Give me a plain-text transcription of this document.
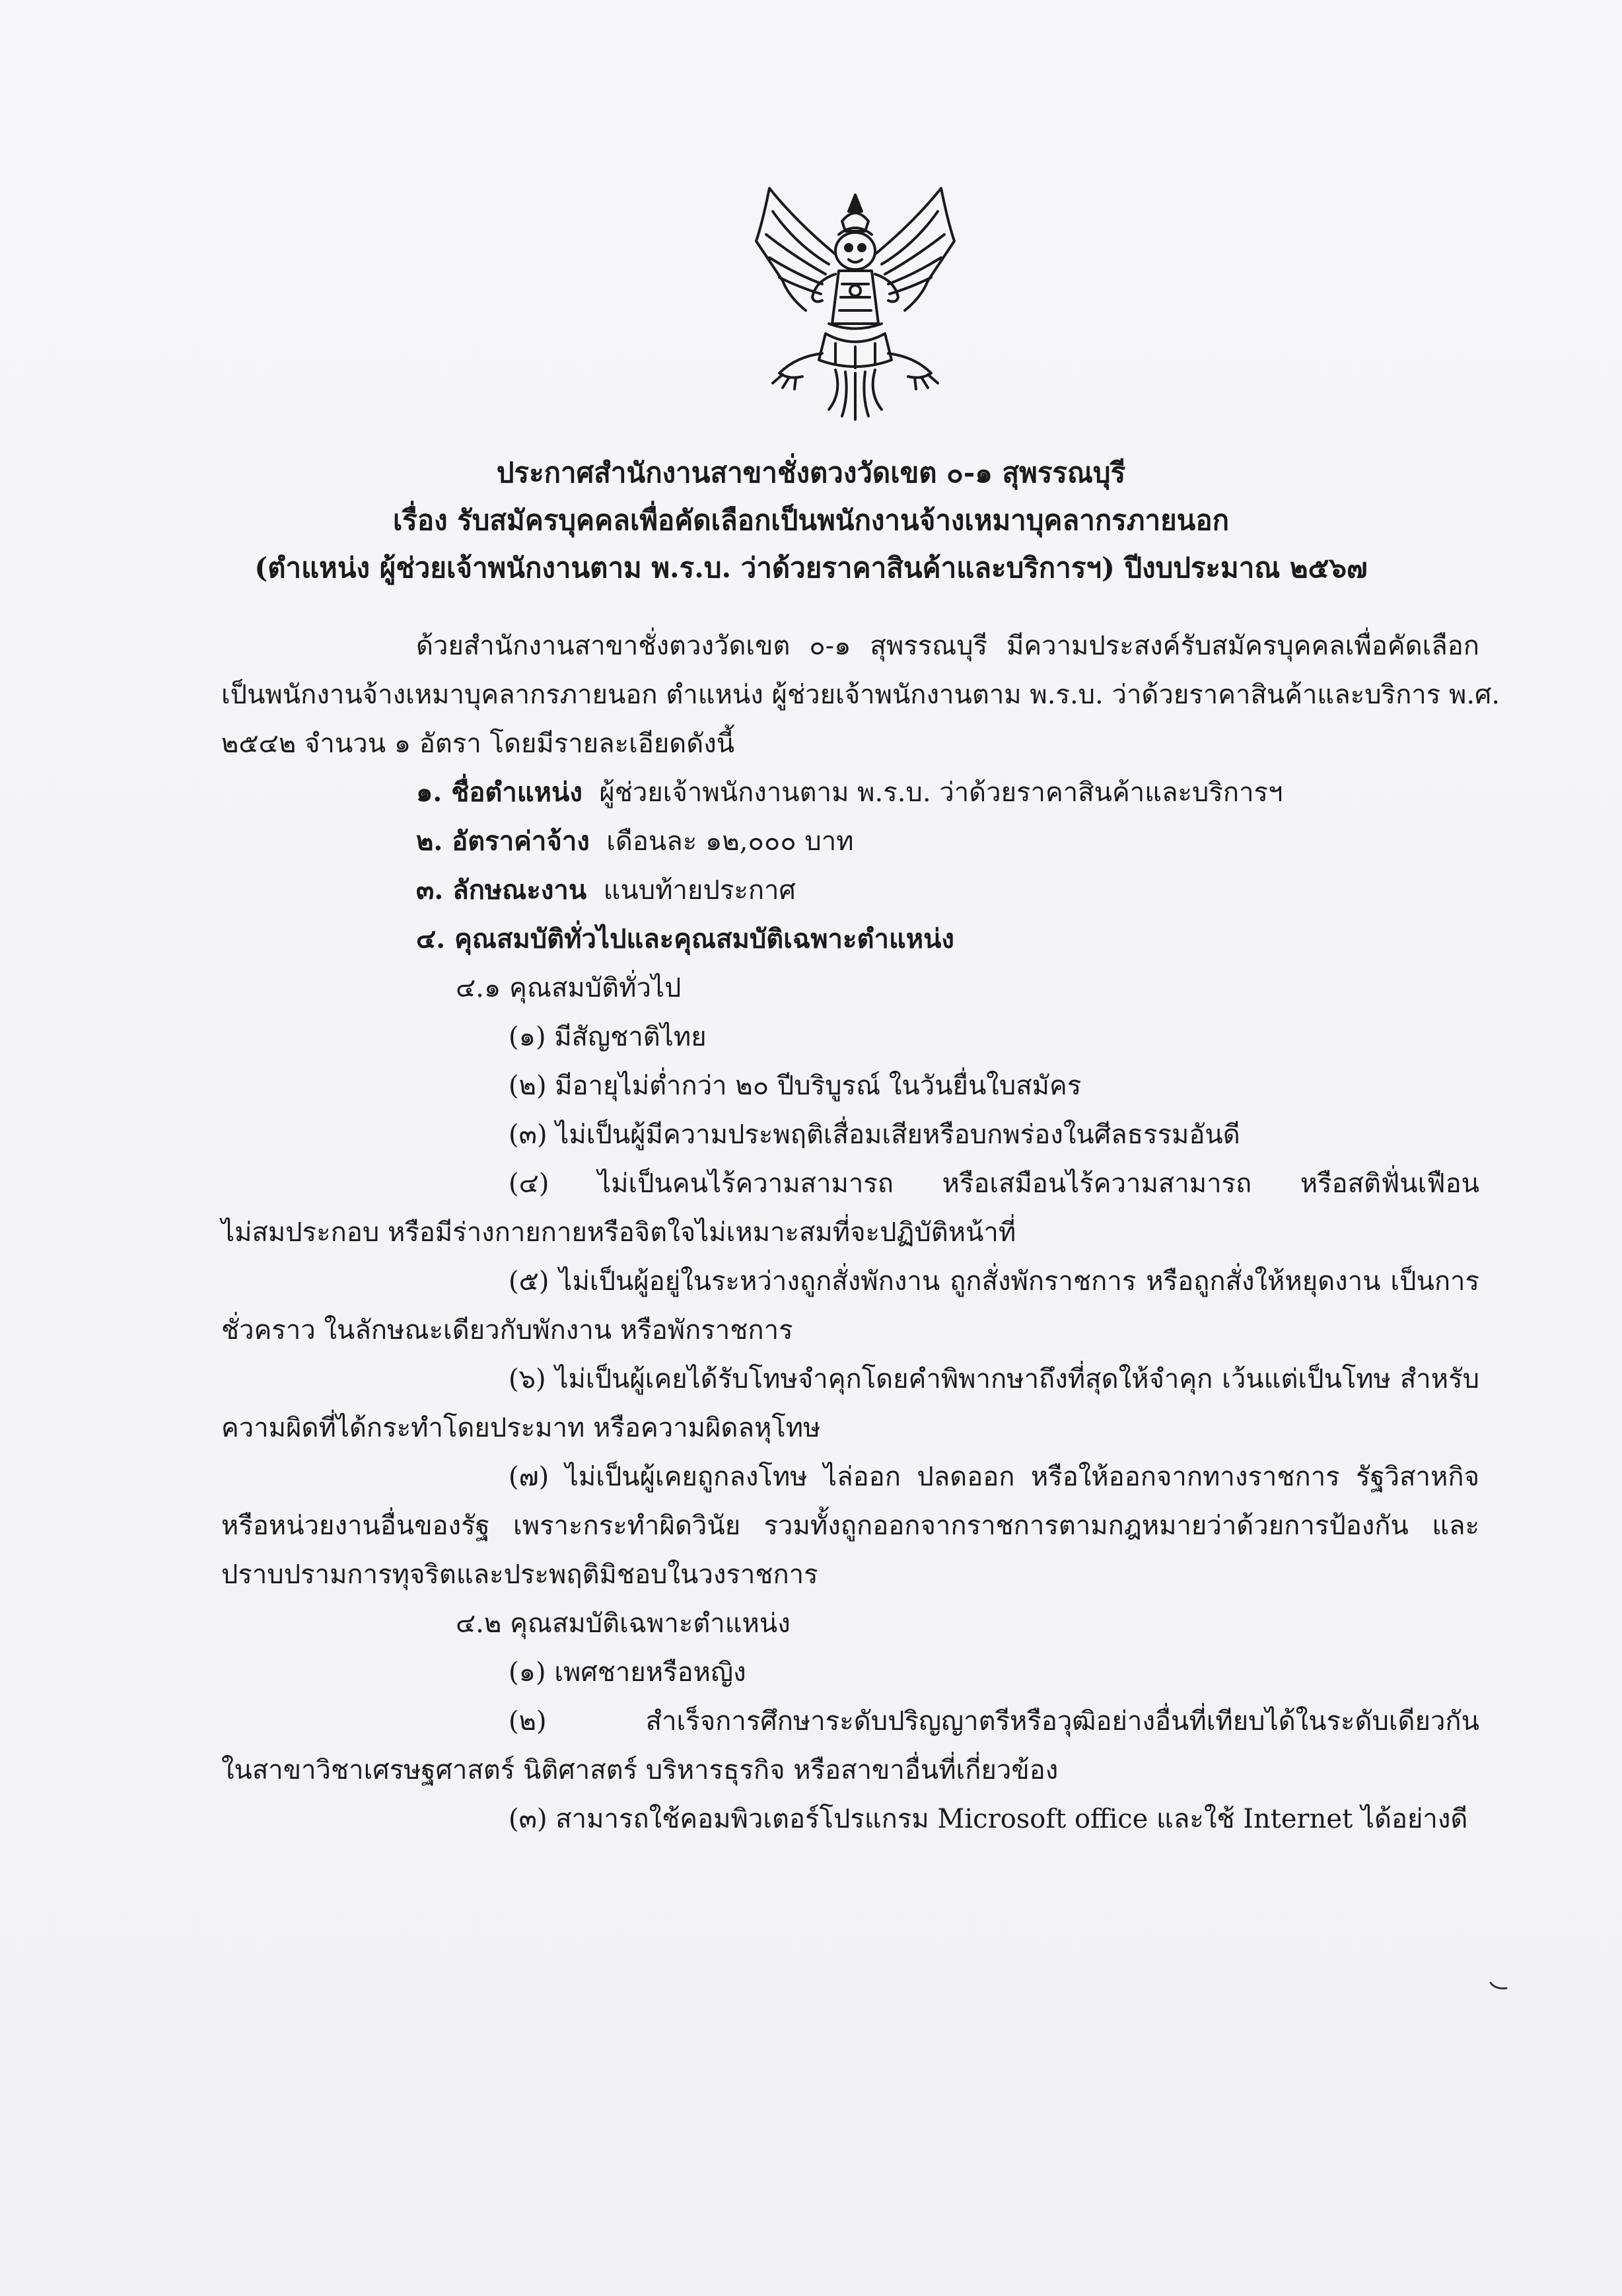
ประกาศสำนักงานสาขาชั่งตวงวัดเขต ๐-๑ สุพรรณบุรี
เรื่อง รับสมัครบุคคลเพื่อคัดเลือกเป็นพนักงานจ้างเหมาบุคลากรภายนอก
(ตำแหน่ง ผู้ช่วยเจ้าพนักงานตาม พ.ร.บ. ว่าด้วยราคาสินค้าและบริการฯ) ปีงบประมาณ ๒๕๖๗
ด้วยสำนักงานสาขาชั่งตวงวัดเขต ๐-๑ สุพรรณบุรี มีความประสงค์รับสมัครบุคคลเพื่อคัดเลือก
เป็นพนักงานจ้างเหมาบุคลากรภายนอก ตำแหน่ง ผู้ช่วยเจ้าพนักงานตาม พ.ร.บ. ว่าด้วยราคาสินค้าและบริการ พ.ศ.
๒๕๔๒ จำนวน ๑ อัตรา โดยมีรายละเอียดดังนี้
๑. ชื่อตำแหน่ง ผู้ช่วยเจ้าพนักงานตาม พ.ร.บ. ว่าด้วยราคาสินค้าและบริการฯ
๒. อัตราค่าจ้าง เดือนละ ๑๒,๐๐๐ บาท
๓. ลักษณะงาน แนบท้ายประกาศ
๔. คุณสมบัติทั่วไปและคุณสมบัติเฉพาะตำแหน่ง
๔.๑ คุณสมบัติทั่วไป
(๑) มีสัญชาติไทย
(๒) มีอายุไม่ต่ำกว่า ๒๐ ปีบริบูรณ์ ในวันยื่นใบสมัคร
(๓) ไม่เป็นผู้มีความประพฤติเสื่อมเสียหรือบกพร่องในศีลธรรมอันดี
(๔) ไม่เป็นคนไร้ความสามารถ หรือเสมือนไร้ความสามารถ หรือสติฟั่นเฟือน
ไม่สมประกอบ หรือมีร่างกายกายหรือจิตใจไม่เหมาะสมที่จะปฏิบัติหน้าที่
(๕) ไม่เป็นผู้อยู่ในระหว่างถูกสั่งพักงาน ถูกสั่งพักราชการ หรือถูกสั่งให้หยุดงาน เป็นการ
ชั่วคราว ในลักษณะเดียวกับพักงาน หรือพักราชการ
(๖) ไม่เป็นผู้เคยได้รับโทษจำคุกโดยคำพิพากษาถึงที่สุดให้จำคุก เว้นแต่เป็นโทษ สำหรับ
ความผิดที่ได้กระทำโดยประมาท หรือความผิดลหุโทษ
(๗) ไม่เป็นผู้เคยถูกลงโทษ ไล่ออก ปลดออก หรือให้ออกจากทางราชการ รัฐวิสาหกิจ
หรือหน่วยงานอื่นของรัฐ เพราะกระทำผิดวินัย รวมทั้งถูกออกจากราชการตามกฎหมายว่าด้วยการป้องกัน และ
ปราบปรามการทุจริตและประพฤติมิชอบในวงราชการ
๔.๒ คุณสมบัติเฉพาะตำแหน่ง
(๑) เพศชายหรือหญิง
(๒) สำเร็จการศึกษาระดับปริญญาตรีหรือวุฒิอย่างอื่นที่เทียบได้ในระดับเดียวกัน
ในสาขาวิชาเศรษฐศาสตร์ นิติศาสตร์ บริหารธุรกิจ หรือสาขาอื่นที่เกี่ยวข้อง
(๓) สามารถใช้คอมพิวเตอร์โปรแกรม Microsoft office และใช้ Internet ได้อย่างดี
